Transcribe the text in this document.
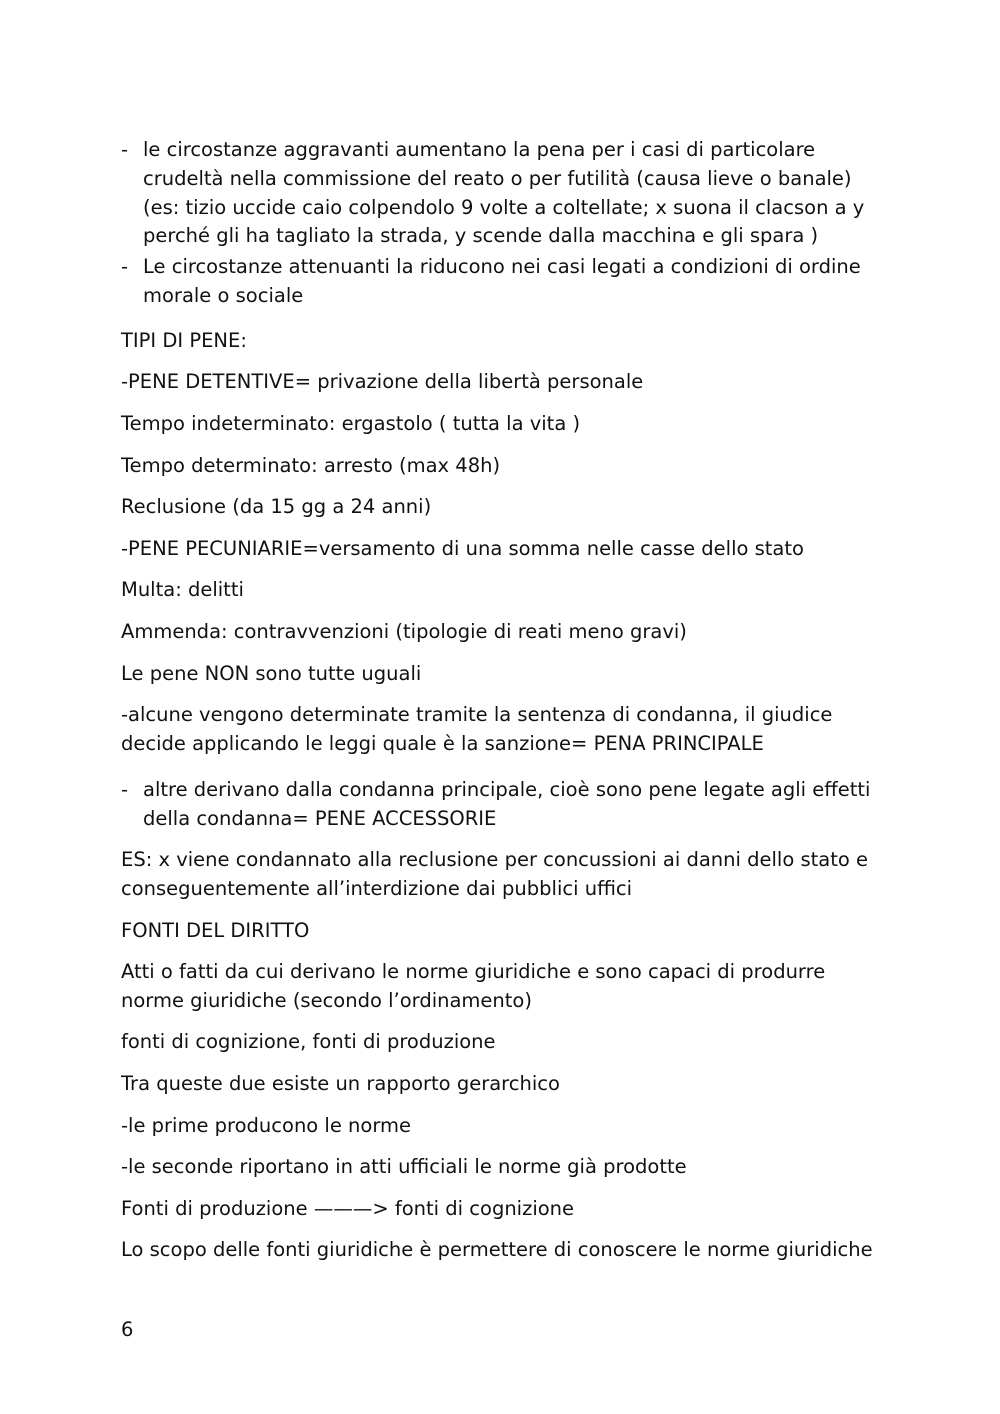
- le circostanze aggravanti aumentano la pena per i casi di particolare crudeltà nella commissione del reato o per futilità (causa lieve o banale) (es: tizio uccide caio colpendolo 9 volte a coltellate; x suona il clacson a y perché gli ha tagliato la strada, y scende dalla macchina e gli spara )
- Le circostanze attenuanti la riducono nei casi legati a condizioni di ordine morale o sociale

TIPI DI PENE:

-PENE DETENTIVE= privazione della libertà personale

Tempo indeterminato: ergastolo ( tutta la vita )

Tempo determinato: arresto (max 48h)

Reclusione (da 15 gg a 24 anni)

-PENE PECUNIARIE=versamento di una somma nelle casse dello stato

Multa: delitti

Ammenda: contravvenzioni (tipologie di reati meno gravi)

Le pene NON sono tutte uguali

-alcune vengono determinate tramite la sentenza di condanna, il giudice decide applicando le leggi quale è la sanzione= PENA PRINCIPALE

- altre derivano dalla condanna principale, cioè sono pene legate agli effetti della condanna= PENE ACCESSORIE

ES: x viene condannato alla reclusione per concussioni ai danni dello stato e conseguentemente all’interdizione dai pubblici uffici

FONTI DEL DIRITTO

Atti o fatti da cui derivano le norme giuridiche e sono capaci di produrre norme giuridiche (secondo l’ordinamento)

fonti di cognizione, fonti di produzione

Tra queste due esiste un rapporto gerarchico

-le prime producono le norme

-le seconde riportano in atti ufficiali le norme già prodotte

Fonti di produzione ———> fonti di cognizione

Lo scopo delle fonti giuridiche è permettere di conoscere le norme giuridiche

6
